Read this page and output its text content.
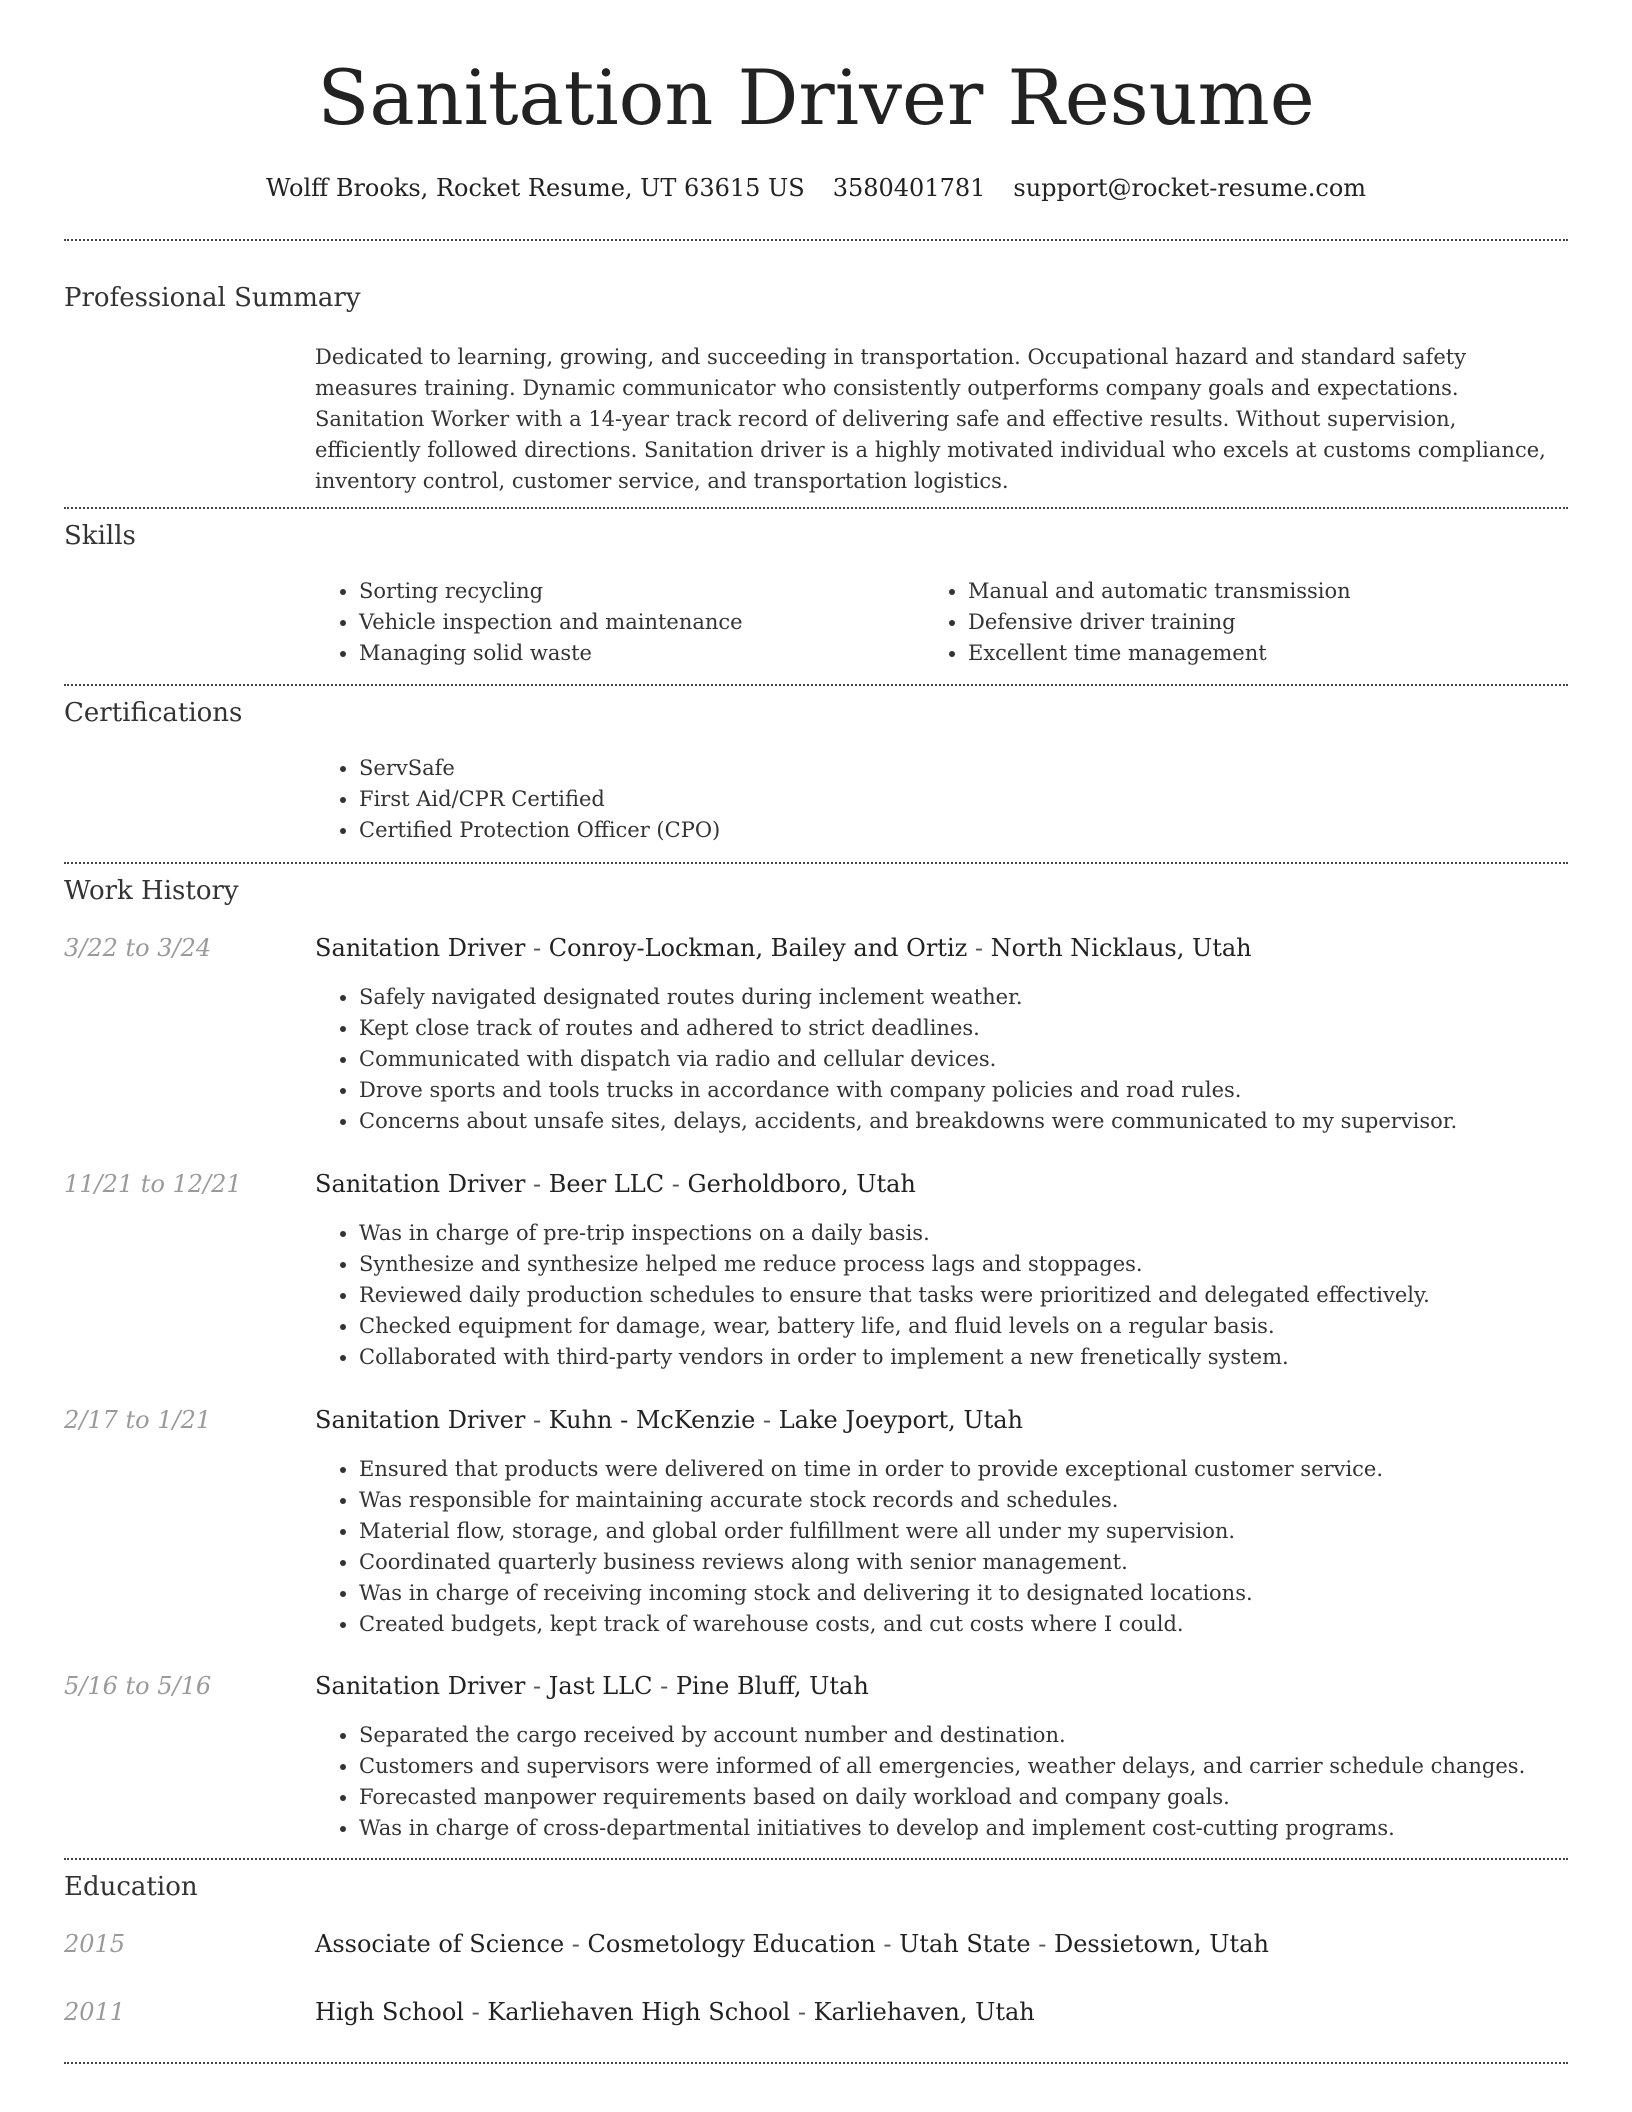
Sanitation Driver Resume
Wolff Brooks, Rocket Resume, UT 63615 US 3580401781 support@rocket-resume.com
Professional Summary

Dedicated to learning, growing, and succeeding in transportation. Occupational hazard and standard safety measures training. Dynamic communicator who consistently outperforms company goals and expectations. Sanitation Worker with a 14-year track record of delivering safe and effective results. Without supervision, efficiently followed directions. Sanitation driver is a highly motivated individual who excels at customs compliance, inventory control, customer service, and transportation logistics.

Skills
• Sorting recycling
• Vehicle inspection and maintenance
• Managing solid waste
• Manual and automatic transmission
• Defensive driver training
• Excellent time management
Certifications
• ServSafe
• First Aid/CPR Certified
• Certified Protection Officer (CPO)
Work History
3/22 to 3/24	Sanitation Driver - Conroy-Lockman, Bailey and Ortiz - North Nicklaus, Utah
• Safely navigated designated routes during inclement weather.
• Kept close track of routes and adhered to strict deadlines.
• Communicated with dispatch via radio and cellular devices.
• Drove sports and tools trucks in accordance with company policies and road rules.
• Concerns about unsafe sites, delays, accidents, and breakdowns were communicated to my supervisor.
11/21 to 12/21	Sanitation Driver - Beer LLC - Gerholdboro, Utah
• Was in charge of pre-trip inspections on a daily basis.
• Synthesize and synthesize helped me reduce process lags and stoppages.
• Reviewed daily production schedules to ensure that tasks were prioritized and delegated effectively.
• Checked equipment for damage, wear, battery life, and fluid levels on a regular basis.
• Collaborated with third-party vendors in order to implement a new frenetically system.
2/17 to 1/21	Sanitation Driver - Kuhn - McKenzie - Lake Joeyport, Utah
• Ensured that products were delivered on time in order to provide exceptional customer service.
• Was responsible for maintaining accurate stock records and schedules.
• Material flow, storage, and global order fulfillment were all under my supervision.
• Coordinated quarterly business reviews along with senior management.
• Was in charge of receiving incoming stock and delivering it to designated locations.
• Created budgets, kept track of warehouse costs, and cut costs where I could.
5/16 to 5/16	Sanitation Driver - Jast LLC - Pine Bluff, Utah
• Separated the cargo received by account number and destination.
• Customers and supervisors were informed of all emergencies, weather delays, and carrier schedule changes.
• Forecasted manpower requirements based on daily workload and company goals.
• Was in charge of cross-departmental initiatives to develop and implement cost-cutting programs.
Education
2015	Associate of Science - Cosmetology Education - Utah State - Dessietown, Utah
2011	High School - Karliehaven High School - Karliehaven, Utah
